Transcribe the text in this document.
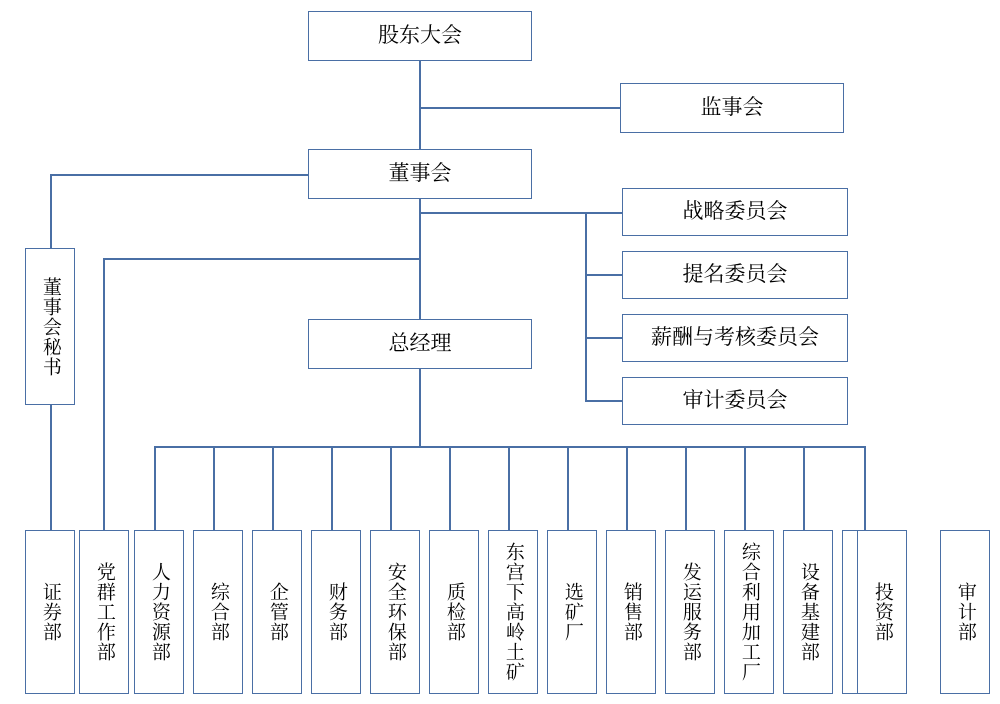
股东大会
监事会
董事会
总经理
战略委员会
提名委员会
薪酬与考核委员会
审计委员会
董事会秘书
证券部	党群工作部	人力资源部	综合部	企管部	财务部	安全环保部	质检部	东宫下高岭土矿	选矿厂	销售部	发运服务部	综合利用加工厂	设备基建部	投资部	审计部
